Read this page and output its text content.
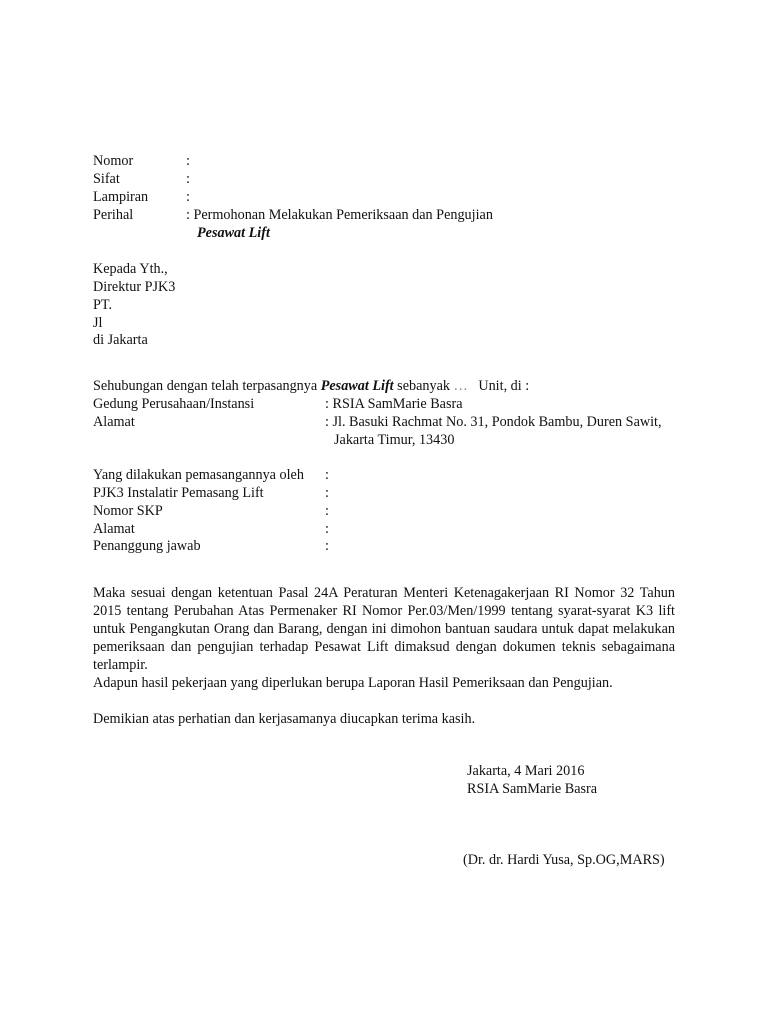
Nomor	:
Sifat	:
Lampiran	:
Perihal	: Permohonan Melakukan Pemeriksaan dan Pengujian
Pesawat Lift
Kepada Yth.,
Direktur PJK3
PT.
Jl
di Jakarta
Sehubungan dengan telah terpasangnya Pesawat Lift sebanyak …   Unit, di :
Gedung Perusahaan/Instansi	: RSIA SamMarie Basra
Alamat	: Jl. Basuki Rachmat No. 31, Pondok Bambu, Duren Sawit,
Jakarta Timur, 13430
Yang dilakukan pemasangannya oleh :
PJK3 Instalatir Pemasang Lift	:
Nomor SKP	:
Alamat	:
Penanggung jawab	:
Maka sesuai dengan ketentuan Pasal 24A Peraturan Menteri Ketenagakerjaan RI Nomor 32 Tahun
2015 tentang Perubahan Atas Permenaker RI Nomor Per.03/Men/1999 tentang syarat-syarat K3 lift
untuk Pengangkutan Orang dan Barang, dengan ini dimohon bantuan saudara untuk dapat melakukan
pemeriksaan dan pengujian terhadap Pesawat Lift dimaksud dengan dokumen teknis sebagaimana
terlampir.
Adapun hasil pekerjaan yang diperlukan berupa Laporan Hasil Pemeriksaan dan Pengujian.
Demikian atas perhatian dan kerjasamanya diucapkan terima kasih.
Jakarta, 4 Mari 2016
RSIA SamMarie Basra
(Dr. dr. Hardi Yusa, Sp.OG,MARS)
